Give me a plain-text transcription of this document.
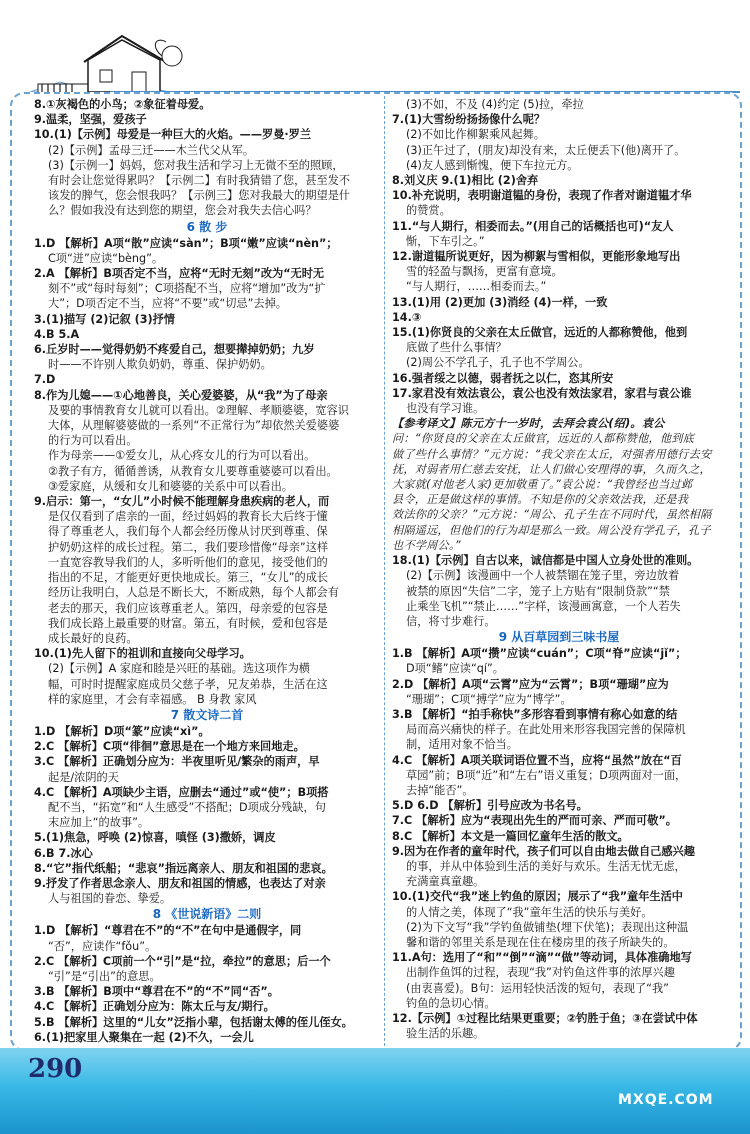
8.①灰褐色的小鸟；②象征着母爱。
9.温柔，坚强，爱孩子
10.(1)【示例】母爱是一种巨大的火焰。——罗曼·罗兰
(2)【示例】孟母三迁——木兰代父从军。
(3)【示例一】妈妈，您对我生活和学习上无微不至的照顾，
有时会让您觉得累吗？【示例二】有时我猜错了您，甚至发不
该发的脾气，您会恨我吗？【示例三】您对我最大的期望是什
么？假如我没有达到您的期望，您会对我失去信心吗？
6 散 步
1.D 【解析】A项“散”应读“sàn”；B项“嫩”应读“nèn”；
C项“迸”应读“bèng”。
2.A 【解析】B项否定不当，应将“无时无刻”改为“无时无
刻不”或“每时每刻”；C项搭配不当，应将“增加”改为“扩
大”；D项否定不当，应将“不要”或“切忌”去掉。
3.(1)描写 (2)记叙 (3)抒情
4.B 5.A
6.丘岁时——觉得奶奶不疼爱自己，想要撵掉奶奶；九岁
时——不许别人欺负奶奶，尊重、保护奶奶。
7.D
8.作为儿媳——①心地善良，关心爱婆婆，从“我”为了母亲
及要的事情教育女儿就可以看出。②理解、孝顺婆婆，宽容识
大体，从理解婆婆做的一系列“不正常行为”却依然关爱婆婆
的行为可以看出。
作为母亲——①爱女儿，从心疼女儿的行为可以看出。
②教子有方，循循善诱，从教育女儿要尊重婆婆可以看出。
③爱家庭，从缓和女儿和婆婆的关系中可以看出。
9.启示：第一，“女儿”小时候不能理解身患疾病的老人，而
是仅仅看到了虐亲的一面，经过妈妈的教育长大后终于懂
得了尊重老人，我们每个人都会经历像从讨厌到尊重、保
护奶奶这样的成长过程。第二，我们要珍惜像“母亲”这样
一直宽容教导我们的人，多听听他们的意见，接受他们的
指出的不足，才能更好更快地成长。第三，“女儿”的成长
经历让我明白，人总是不断长大，不断成熟，每个人都会有
老去的那天，我们应该尊重老人。第四，母亲爱的包容是
我们成长路上最重要的财富。第五，有时候，爱和包容是
成长最好的良药。
10.(1)先人留下的祖训和直接向父母学习。
(2)【示例】A 家庭和睦是兴旺的基础。选这项作为横
幅，可时时提醒家庭成员父慈子孝，兄友弟恭，生活在这
样的家庭里，才会有幸福感。 B 身教 家风
7 散文诗二首
1.D 【解析】D项“篆”应读“xì”。
2.C 【解析】C项“徘徊”意思是在一个地方来回地走。
3.C 【解析】正确划分应为：半夜里听见/繁杂的雨声，早
起是/浓阴的天
4.C 【解析】A项缺少主语，应删去“通过”或“使”；B项搭
配不当，“拓宽”和“人生感受”不搭配；D项成分残缺，句
末应加上“的故事”。
5.(1)焦急，呼唤 (2)惊喜，嗔怪 (3)撒娇，调皮
6.B 7.冰心
8.“它”指代纸船；“悲哀”指远离亲人、朋友和祖国的悲哀。
9.抒发了作者思念亲人、朋友和祖国的情感，也表达了对亲
人与祖国的眷恋、挚爱。
8 《世说新语》二则
1.D 【解析】“尊君在不”的“不”在句中是通假字，同
“否”，应读作“fǒu”。
2.C 【解析】C项前一个“引”是“拉，牵拉”的意思；后一个
“引”是“引出”的意思。
3.B 【解析】B项中“尊君在不”的“不”同“否”。
4.C 【解析】正确划分应为：陈太丘与友/期行。
5.B 【解析】这里的“儿女”泛指小辈，包括谢太傅的侄儿侄女。
6.(1)把家里人聚集在一起 (2)不久，一会儿
(3)不如，不及 (4)约定 (5)拉，牵拉
7.(1)大雪纷纷扬扬像什么呢？
(2)不如比作柳絮乘风起舞。
(3)正午过了，(朋友)却没有来，太丘便丢下(他)离开了。
(4)友人感到惭愧，便下车拉元方。
8.刘义庆 9.(1)相比 (2)舍弃
10.补充说明，表明谢道韫的身份，表现了作者对谢道韫才华
的赞赏。
11.“与人期行，相委而去。”(用自己的话概括也可)“友人
惭，下车引之。”
12.谢道韫所说更好，因为柳絮与雪相似，更能形象地写出
雪的轻盈与飘扬，更富有意境。
“与人期行，……相委而去。”
13.(1)用 (2)更加 (3)消经 (4)一样，一致
14.③
15.(1)你贤良的父亲在太丘做官，远近的人都称赞他，他到
底做了些什么事情？
(2)周公不学孔子，孔子也不学周公。
16.强者绥之以德，弱者抚之以仁，恣其所安
17.家君没有效法袁公，袁公也没有效法家君，家君与袁公谁
也没有学习谁。
【参考译文】陈元方十一岁时，去拜会袁公(绍)。袁公
问：“你贤良的父亲在太丘做官，远近的人都称赞他，他到底
做了些什么事情？”元方说：“我父亲在太丘，对强者用德行去安
抚，对弱者用仁慈去安抚，让人们做心安理得的事，久而久之，
大家就(对他老人家)更加敬重了。”袁公说：“我曾经也当过邺
县令，正是做这样的事情。不知是你的父亲效法我，还是我
效法你的父亲？”元方说：“周公、孔子生在不同时代，虽然相隔
相隔遥远，但他们的行为却是那么一致。周公没有学孔子，孔子
也不学周公。”
18.(1)【示例】自古以来，诚信都是中国人立身处世的准则。
(2)【示例】该漫画中一个人被禁锢在笼子里，旁边放着
被禁的原因“失信”二字，笼子上方贴有“限制贷款”“禁
止乘坐飞机”“禁止……”字样，该漫画寓意，一个人若失
信，将寸步难行。
9 从百草园到三味书屋
1.B 【解析】A项“攒”应读“cuán”；C项“脊”应读“jǐ”；
D项“鳍”应读“qí”。
2.D 【解析】A项“云霄”应为“云霄”；B项“珊瑚”应为
“珊瑚”；C项“搏学”应为“博学”。
3.B 【解析】“拍手称快”多形容看到事情有称心如意的结
局而高兴痛快的样子。在此处用来形容我国完善的保障机
制，适用对象不恰当。
4.C 【解析】A项关联词语位置不当，应将“虽然”放在“百
草园”前；B项“近”和“左右”语义重复；D项两面对一面，
去掉“能否”。
5.D 6.D 【解析】引号应改为书名号。
7.C 【解析】应为“表现出先生的严而可亲、严而可敬”。
8.C 【解析】本文是一篇回忆童年生活的散文。
9.因为在作者的童年时代，孩子们可以自由地去做自己感兴趣
的事，并从中体验到生活的美好与欢乐。生活无忧无虑，
充满童真童趣。
10.(1)交代“我”迷上钓鱼的原因；展示了“我”童年生活中
的人情之美，体现了“我”童年生活的快乐与美好。
(2)为下文写“我”学钓鱼做铺垫(埋下伏笔)；表现出这种温
馨和谐的邻里关系是现在住在楼房里的孩子所缺失的。
11.A句：选用了“和”“倒”“滴”“做”等动词，具体准确地写
出制作鱼饵的过程，表现“我”对钓鱼这件事的浓厚兴趣
(由衷喜爱)。B句：运用轻快活泼的短句，表现了“我”
钓鱼的急切心情。
12.【示例】①过程比结果更重要；②钓胜于鱼；③在尝试中体
验生活的乐趣。
290
MXQE.COM
